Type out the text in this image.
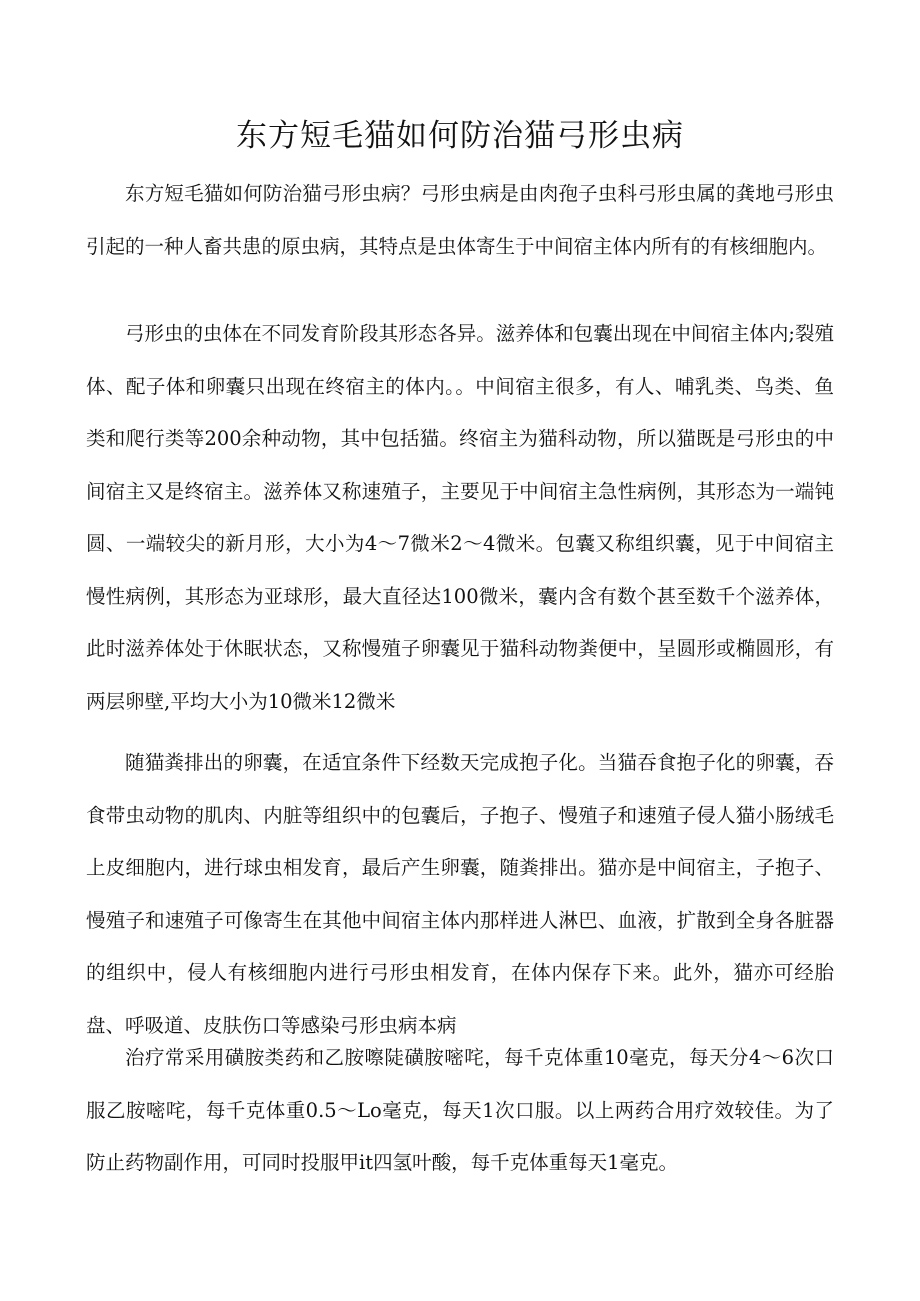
东方短毛猫如何防治猫弓形虫病

东方短毛猫如何防治猫弓形虫病？弓形虫病是由肉孢子虫科弓形虫属的龚地弓形虫引起的一种人畜共患的原虫病，其特点是虫体寄生于中间宿主体内所有的有核细胞内。

弓形虫的虫体在不同发育阶段其形态各异。滋养体和包囊出现在中间宿主体内;裂殖体、配子体和卵囊只出现在终宿主的体内。。中间宿主很多，有人、哺乳类、鸟类、鱼类和爬行类等200余种动物，其中包括猫。终宿主为猫科动物，所以猫既是弓形虫的中间宿主又是终宿主。滋养体又称速殖子，主要见于中间宿主急性病例，其形态为一端钝圆、一端较尖的新月形，大小为4～7微米2～4微米。包囊又称组织囊，见于中间宿主慢性病例，其形态为亚球形，最大直径达100微米，囊内含有数个甚至数千个滋养体，此时滋养体处于休眠状态，又称慢殖子卵囊见于猫科动物粪便中，呈圆形或椭圆形，有两层卵壁,平均大小为10微米12微米

随猫粪排出的卵囊，在适宜条件下经数天完成抱子化。当猫吞食抱子化的卵囊，吞食带虫动物的肌肉、内脏等组织中的包囊后，子抱子、慢殖子和速殖子侵人猫小肠绒毛上皮细胞内，进行球虫相发育，最后产生卵囊，随粪排出。猫亦是中间宿主，子抱子、慢殖子和速殖子可像寄生在其他中间宿主体内那样进人淋巴、血液，扩散到全身各脏器的组织中，侵人有核细胞内进行弓形虫相发育，在体内保存下来。此外，猫亦可经胎盘、呼吸道、皮肤伤口等感染弓形虫病本病

治疗常采用磺胺类药和乙胺嚓陡磺胺嘧咤，每千克体重10毫克，每天分4～6次口服乙胺嘧咤，每千克体重0.5～Lo毫克，每天1次口服。以上两药合用疗效较佳。为了防止药物副作用，可同时投服甲it四氢叶酸，每千克体重每天1毫克。
